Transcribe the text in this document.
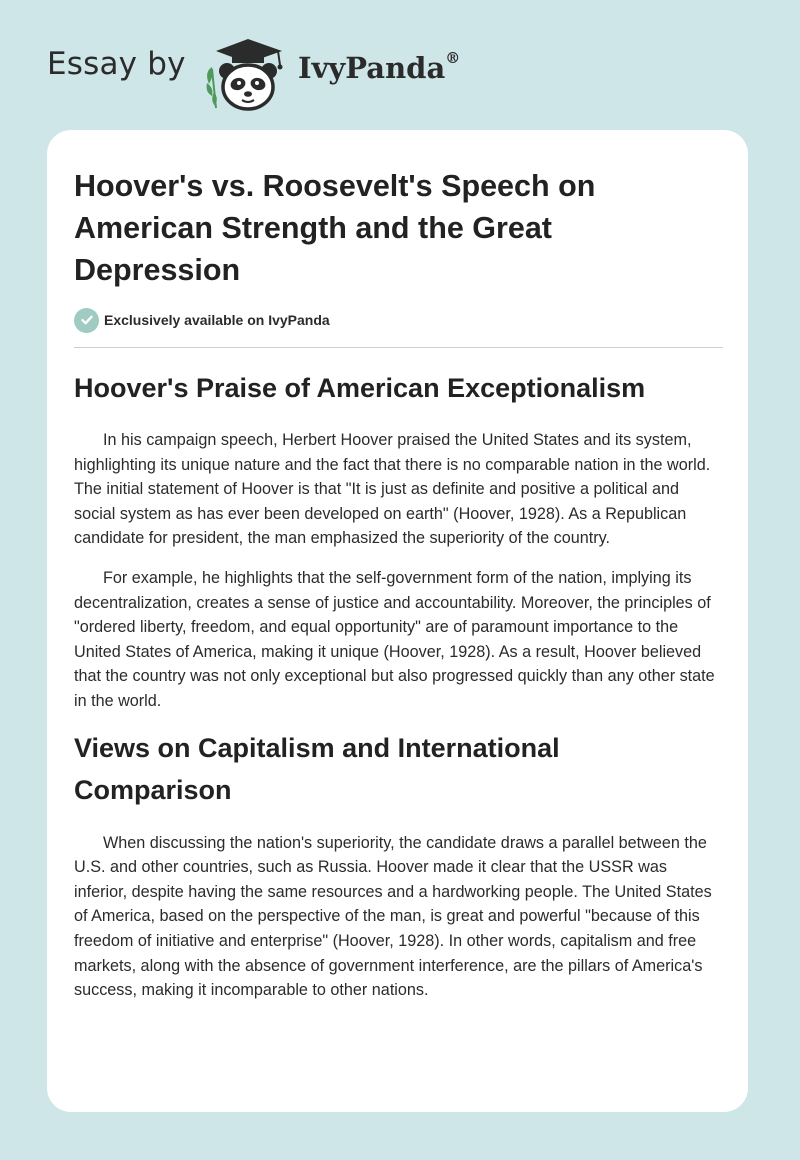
Essay by	IvyPanda®
Hoover's vs. Roosevelt's Speech on American Strength and the Great Depression
Exclusively available on IvyPanda
Hoover's Praise of American Exceptionalism

In his campaign speech, Herbert Hoover praised the United States and its system, highlighting its unique nature and the fact that there is no comparable nation in the world. The initial statement of Hoover is that "It is just as definite and positive a political and social system as has ever been developed on earth" (Hoover, 1928). As a Republican candidate for president, the man emphasized the superiority of the country.

For example, he highlights that the self-government form of the nation, implying its decentralization, creates a sense of justice and accountability. Moreover, the principles of "ordered liberty, freedom, and equal opportunity" are of paramount importance to the United States of America, making it unique (Hoover, 1928). As a result, Hoover believed that the country was not only exceptional but also progressed quickly than any other state in the world.

Views on Capitalism and International Comparison

When discussing the nation's superiority, the candidate draws a parallel between the U.S. and other countries, such as Russia. Hoover made it clear that the USSR was inferior, despite having the same resources and a hardworking people. The United States of America, based on the perspective of the man, is great and powerful "because of this freedom of initiative and enterprise" (Hoover, 1928). In other words, capitalism and free markets, along with the absence of government interference, are the pillars of America's success, making it incomparable to other nations.
